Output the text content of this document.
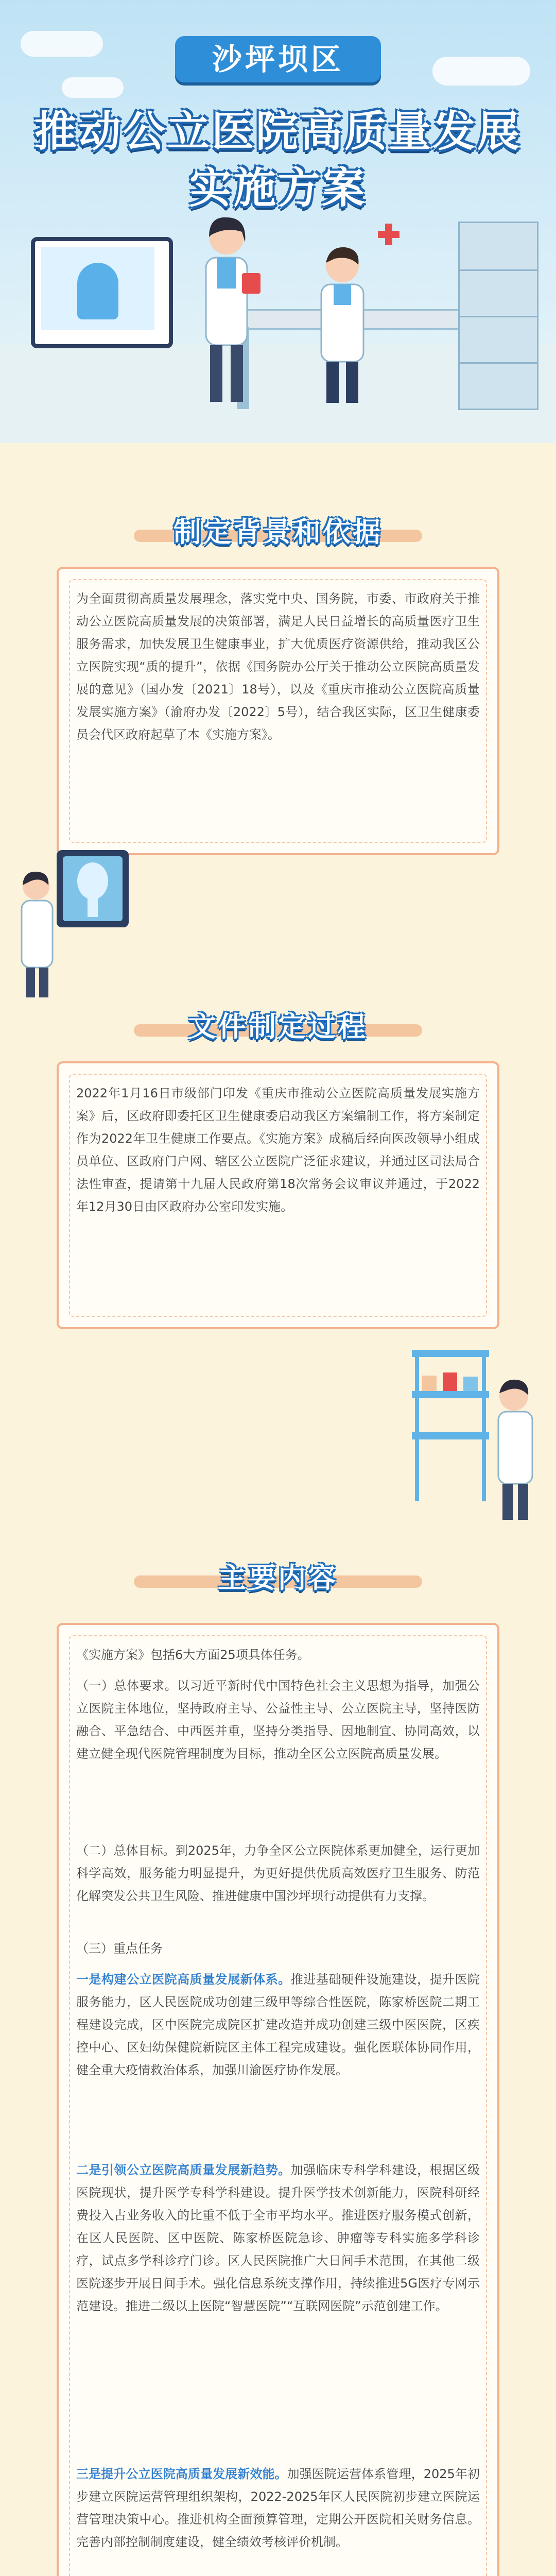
沙坪坝区
推动公立医院高质量发展
实施方案
制定背景和依据

为全面贯彻高质量发展理念，落实党中央、国务院，市委、市政府关于推动公立医院高质量发展的决策部署，满足人民日益增长的高质量医疗卫生服务需求，加快发展卫生健康事业，扩大优质医疗资源供给，推动我区公立医院实现“质的提升”，依据《国务院办公厅关于推动公立医院高质量发展的意见》（国办发〔2021〕18号），以及《重庆市推动公立医院高质量发展实施方案》（渝府办发〔2022〕5号），结合我区实际，区卫生健康委员会代区政府起草了本《实施方案》。

文件制定过程

2022年1月16日市级部门印发《重庆市推动公立医院高质量发展实施方案》后，区政府即委托区卫生健康委启动我区方案编制工作，将方案制定作为2022年卫生健康工作要点。《实施方案》成稿后经向医改领导小组成员单位、区政府门户网、辖区公立医院广泛征求建议，并通过区司法局合法性审查，提请第十九届人民政府第18次常务会议审议并通过，于2022年12月30日由区政府办公室印发实施。

主要内容

《实施方案》包括6大方面25项具体任务。

（一）总体要求。以习近平新时代中国特色社会主义思想为指导，加强公立医院主体地位，坚持政府主导、公益性主导、公立医院主导，坚持医防融合、平急结合、中西医并重，坚持分类指导、因地制宜、协同高效，以建立健全现代医院管理制度为目标，推动全区公立医院高质量发展。

（二）总体目标。到2025年，力争全区公立医院体系更加健全，运行更加科学高效，服务能力明显提升，为更好提供优质高效医疗卫生服务、防范化解突发公共卫生风险、推进健康中国沙坪坝行动提供有力支撑。

（三）重点任务

一是构建公立医院高质量发展新体系。推进基础硬件设施建设，提升医院服务能力，区人民医院成功创建三级甲等综合性医院，陈家桥医院二期工程建设完成，区中医院完成院区扩建改造并成功创建三级中医医院，区疾控中心、区妇幼保健院新院区主体工程完成建设。强化医联体协同作用，健全重大疫情救治体系，加强川渝医疗协作发展。

二是引领公立医院高质量发展新趋势。加强临床专科学科建设，根据区级医院现状，提升医学专科学科建设。提升医学技术创新能力，医院科研经费投入占业务收入的比重不低于全市平均水平。推进医疗服务模式创新，在区人民医院、区中医院、陈家桥医院急诊、肿瘤等专科实施多学科诊疗，试点多学科诊疗门诊。区人民医院推广大日间手术范围，在其他二级医院逐步开展日间手术。强化信息系统支撑作用，持续推进5G医疗专网示范建设。推进二级以上医院“智慧医院”“互联网医院”示范创建工作。

三是提升公立医院高质量发展新效能。加强医院运营体系管理，2025年初步建立医院运营管理组织架构，2022-2025年区人民医院初步建立医院运营管理决策中心。推进机构全面预算管理，定期公开医院相关财务信息。完善内部控制制度建设，健全绩效考核评价机制。
